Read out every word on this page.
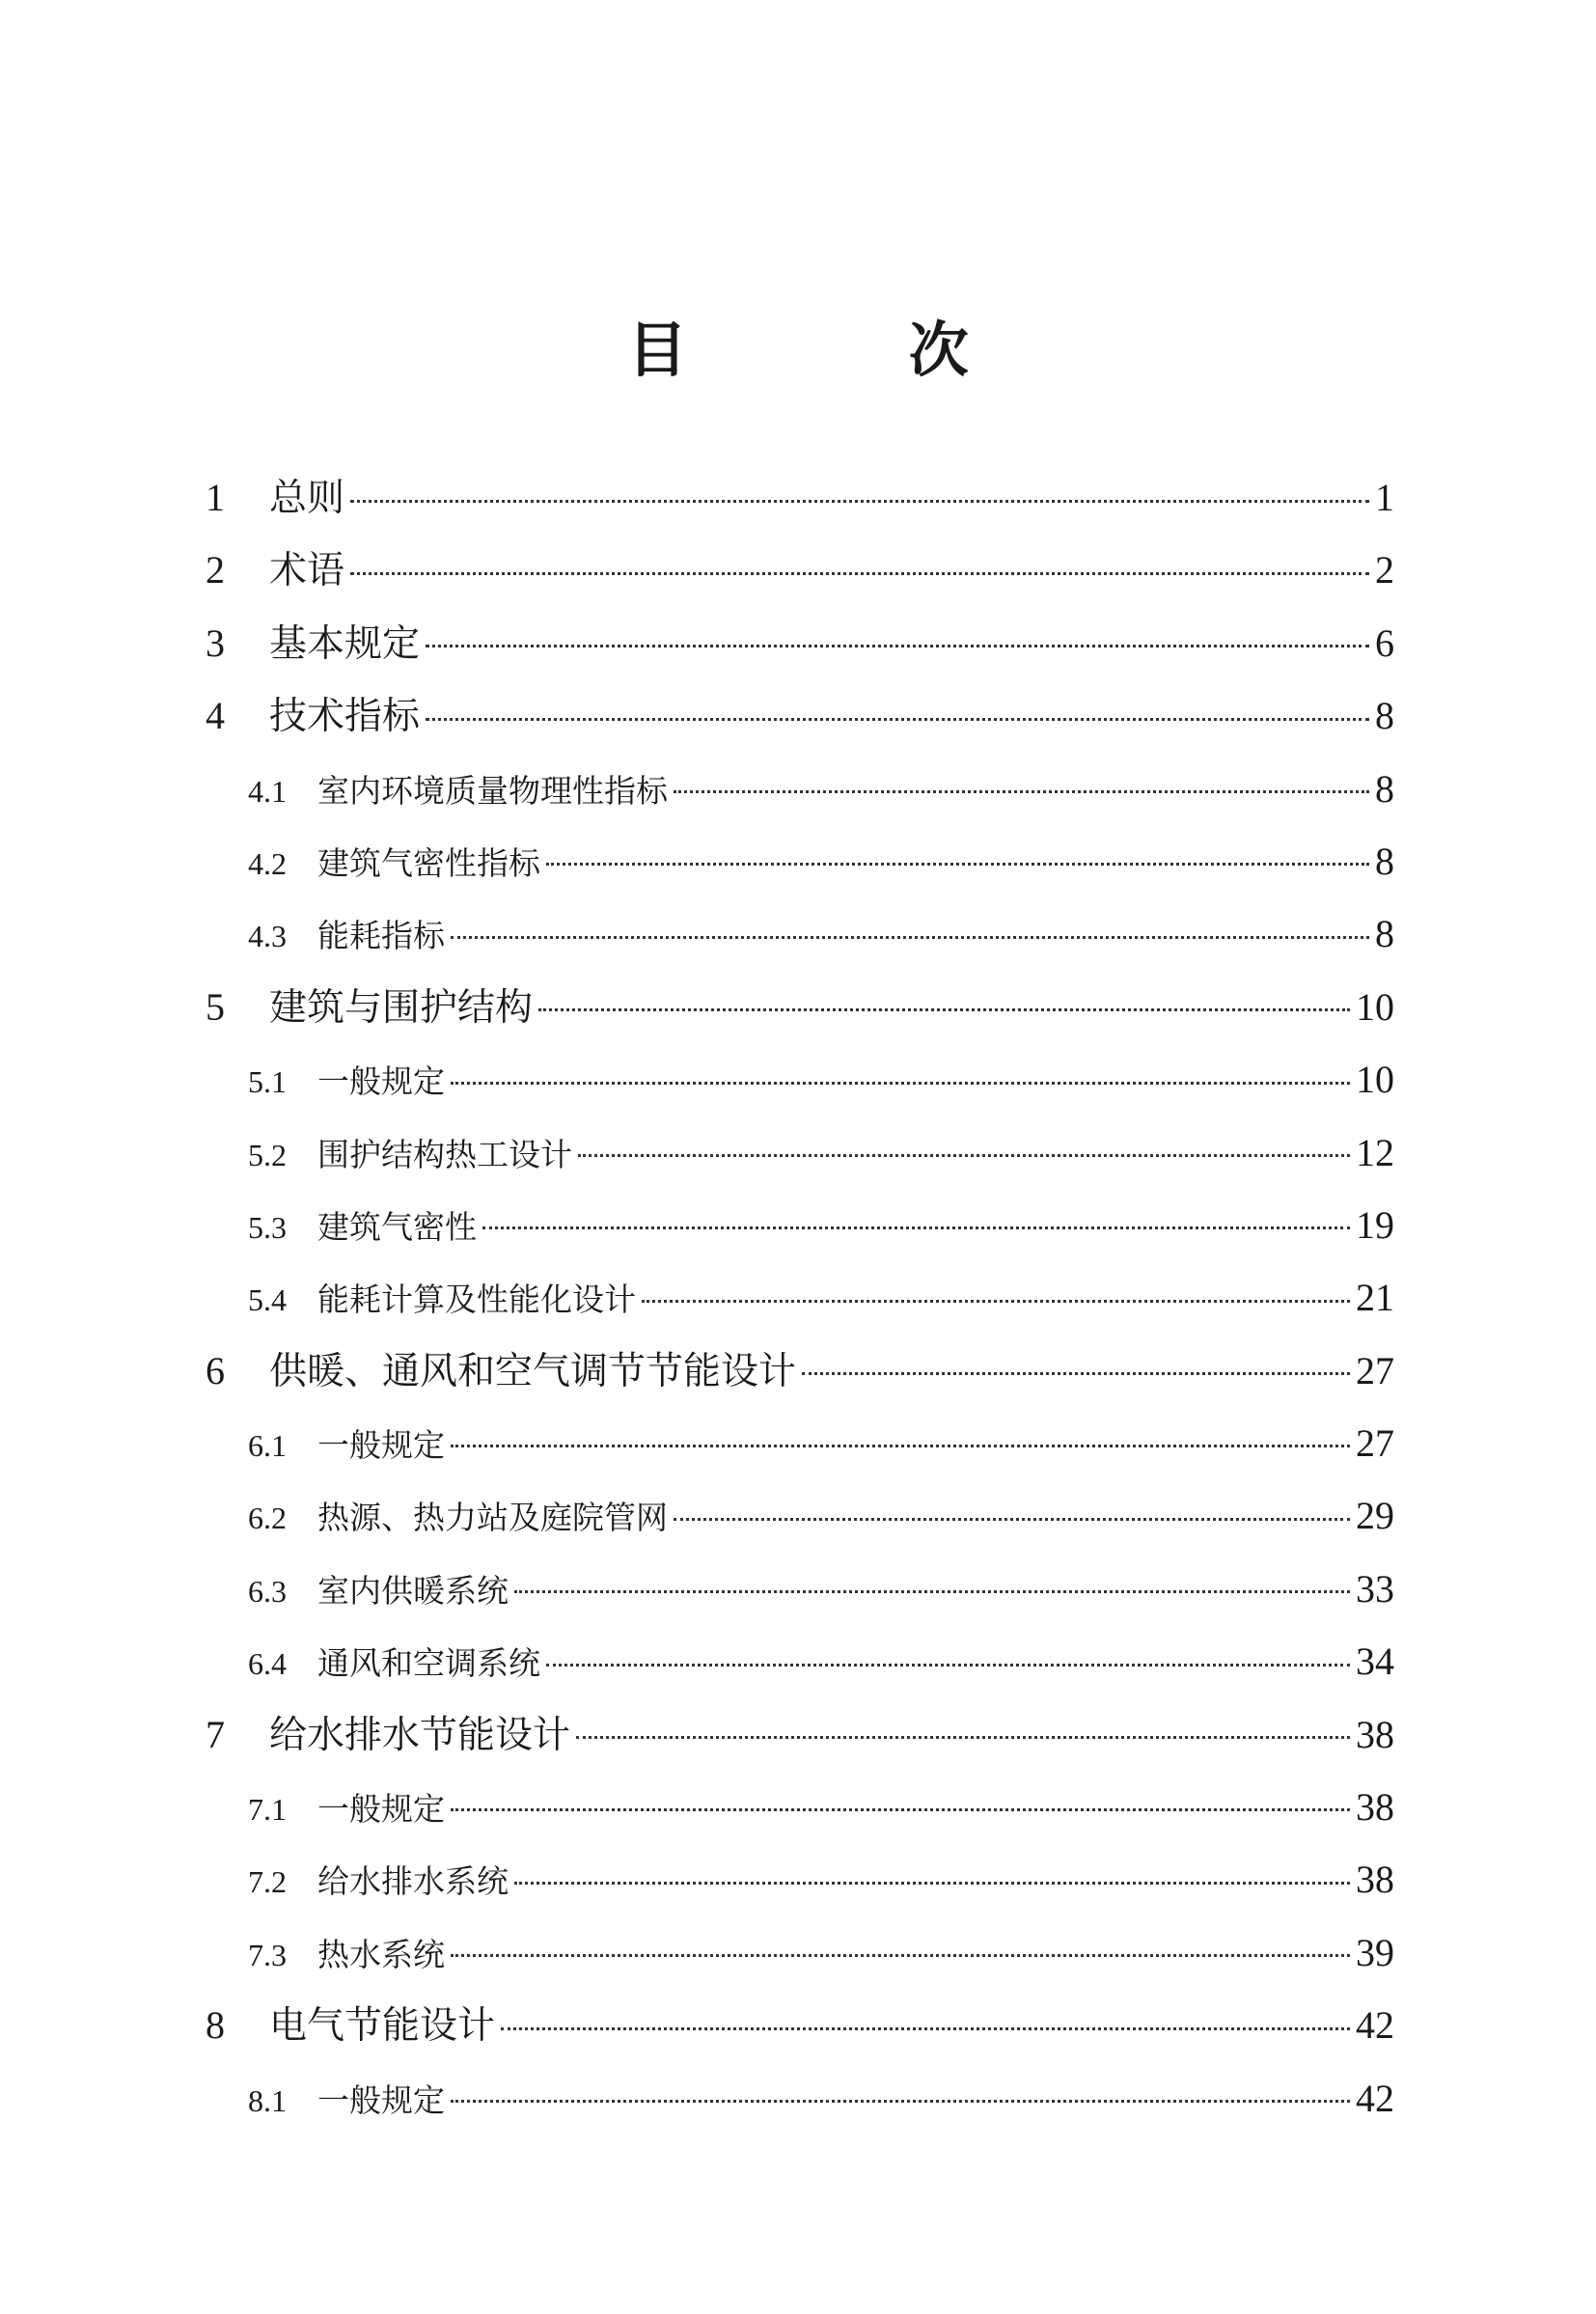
目 次
1	总则	1
2	术语	2
3	基本规定	6
4	技术指标	8
4.1 室内环境质量物理性指标	8
4.2 建筑气密性指标	8
4.3 能耗指标	8
5	建筑与围护结构	10
5.1 一般规定	10
5.2 围护结构热工设计	12
5.3 建筑气密性	19
5.4 能耗计算及性能化设计	21
6	供暖、通风和空气调节节能设计	27
6.1 一般规定	27
6.2 热源、热力站及庭院管网	29
6.3 室内供暖系统	33
6.4 通风和空调系统	34
7	给水排水节能设计	38
7.1 一般规定	38
7.2 给水排水系统	38
7.3 热水系统	39
8	电气节能设计	42
8.1 一般规定	42
